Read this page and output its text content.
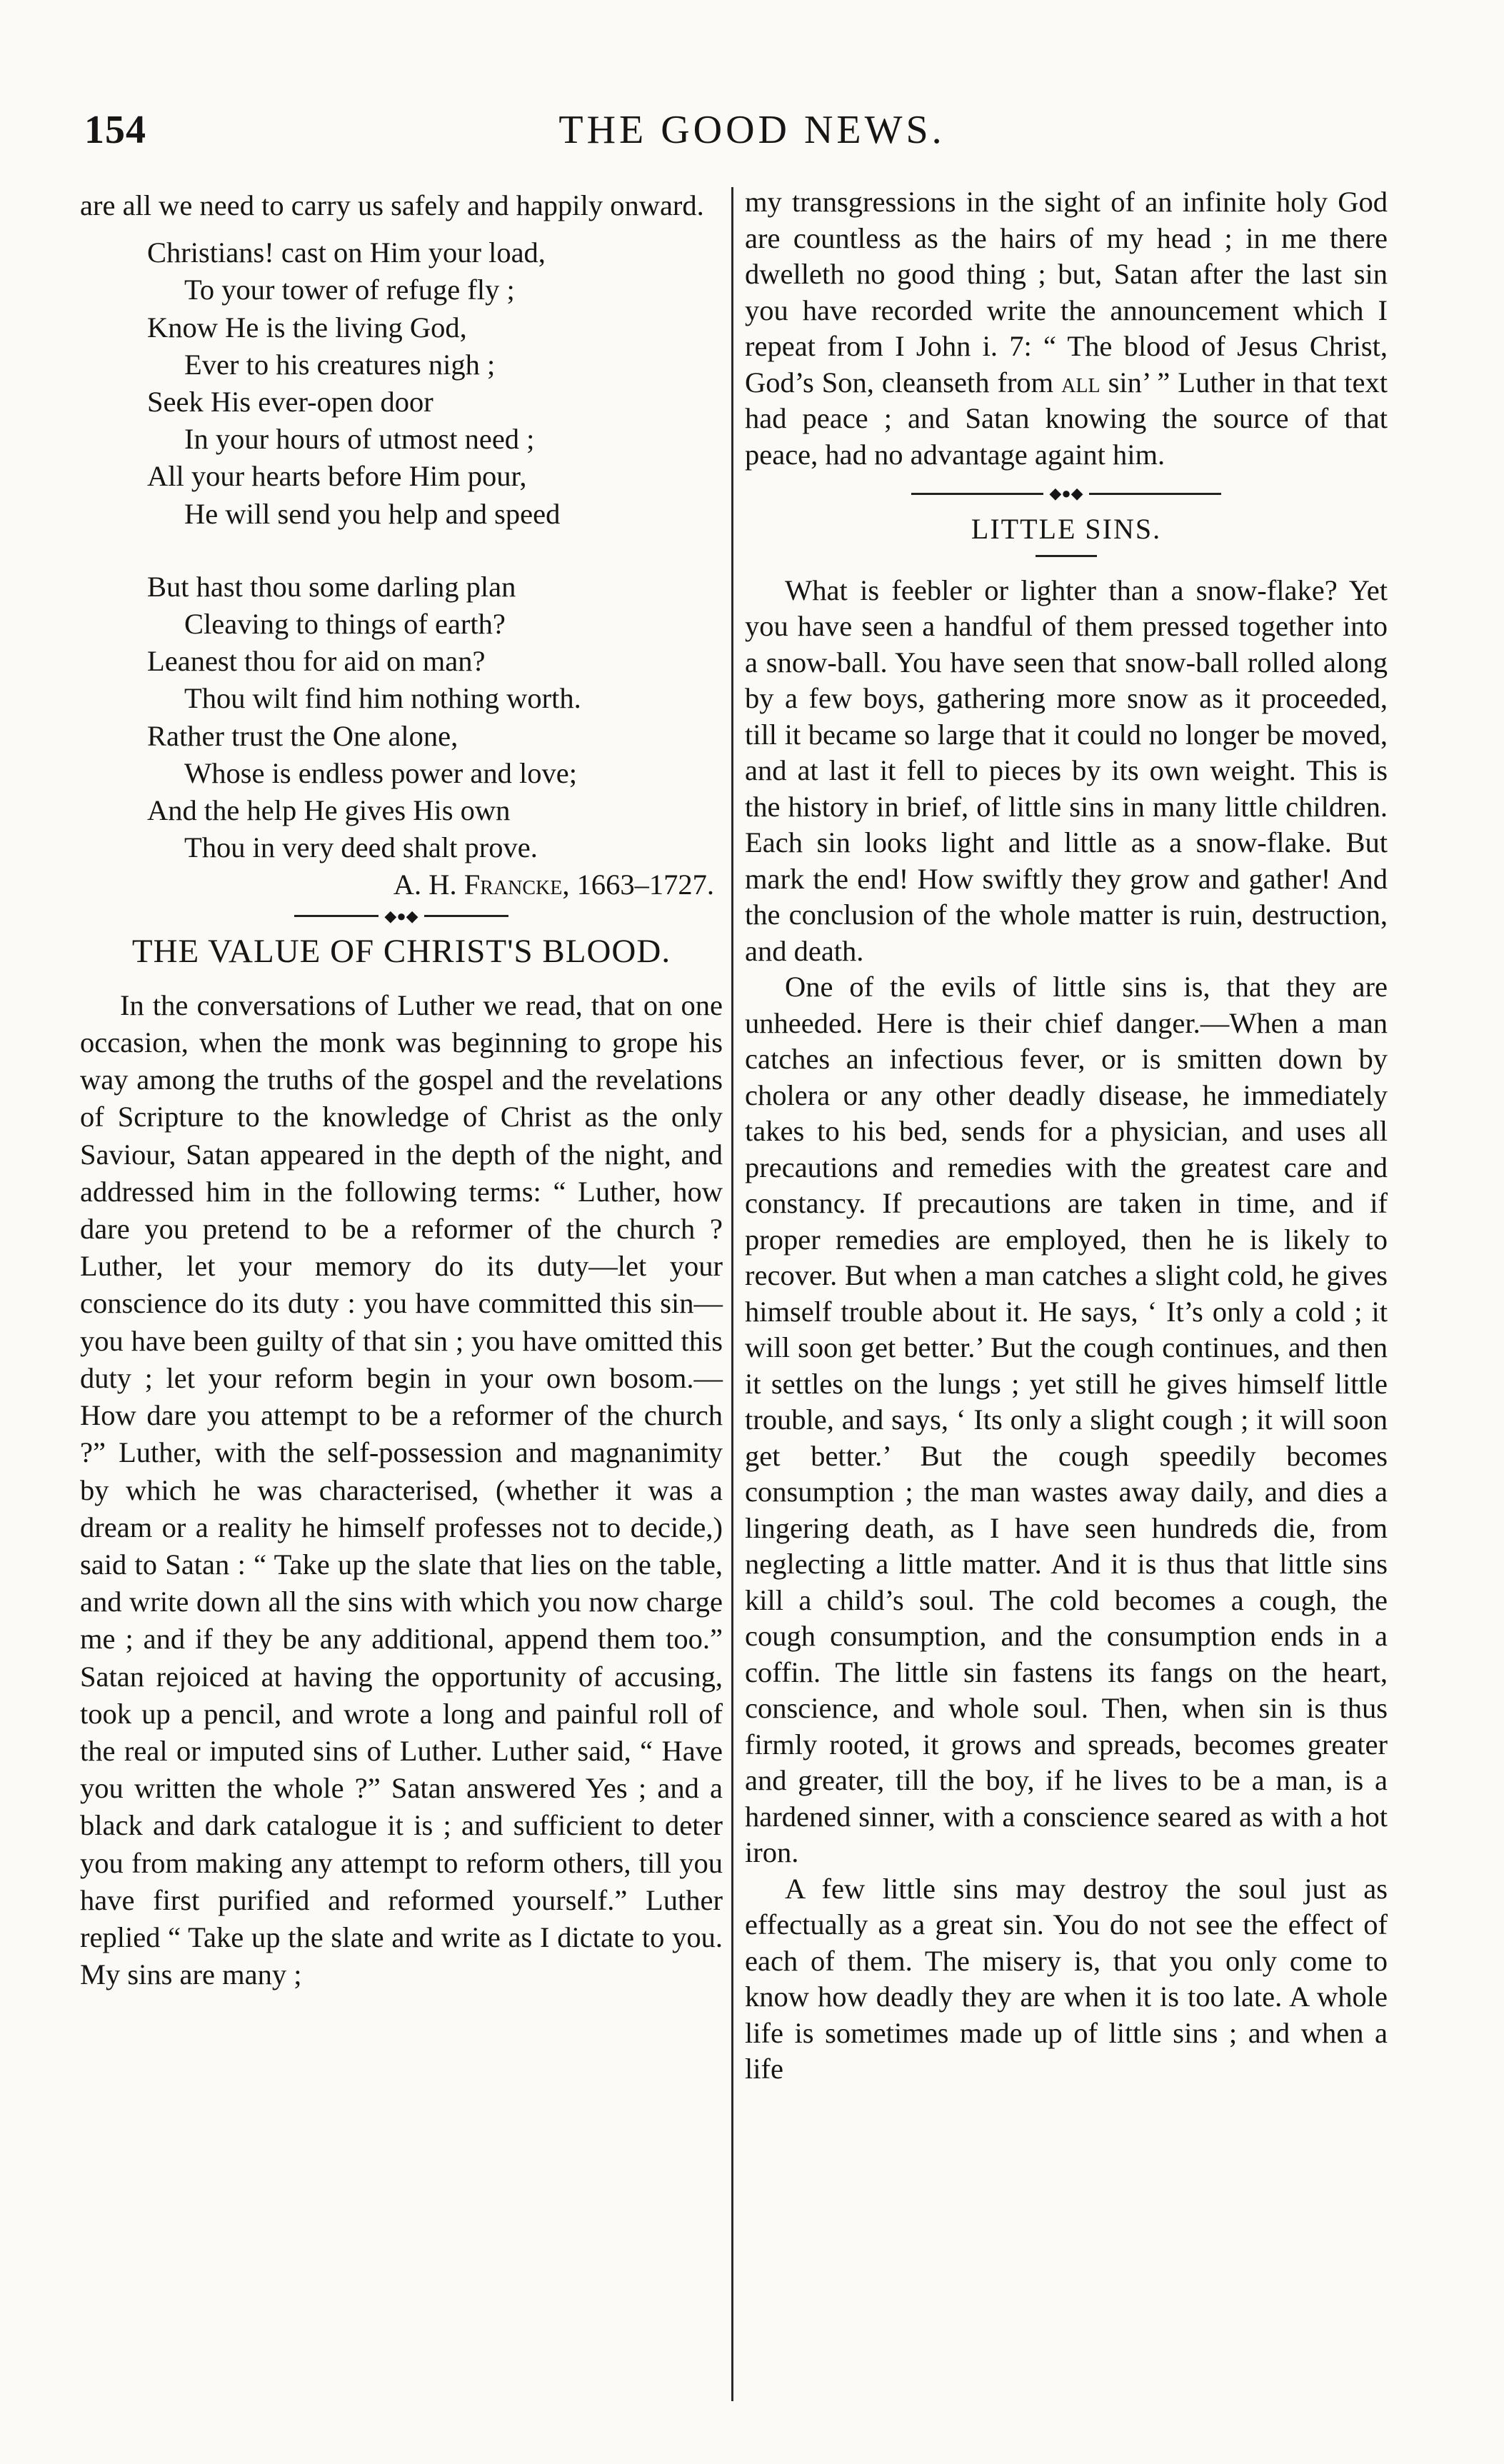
154	THE GOOD NEWS.

are all we need to carry us safely and happily onward.

Christians! cast on Him your load,
To your tower of refuge fly ;
Know He is the living God,
Ever to his creatures nigh ;
Seek His ever-open door
In your hours of utmost need ;
All your hearts before Him pour,
He will send you help and speed
But hast thou some darling plan
Cleaving to things of earth?
Leanest thou for aid on man?
Thou wilt find him nothing worth.
Rather trust the One alone,
Whose is endless power and love;
And the help He gives His own
Thou in very deed shalt prove.
A. H. Francke, 1663–1727.
◆●◆
THE VALUE OF CHRIST'S BLOOD.

In the conversations of Luther we read, that on one occasion, when the monk was beginning to grope his way among the truths of the gospel and the revelations of Scripture to the knowledge of Christ as the only Saviour, Satan appeared in the depth of the night, and addressed him in the following terms: “ Luther, how dare you pretend to be a reformer of the church ? Luther, let your memory do its duty—let your conscience do its duty : you have committed this sin—you have been guilty of that sin ; you have omitted this duty ; let your reform begin in your own bosom.—How dare you attempt to be a reformer of the church ?” Luther, with the self-possession and magnanimity by which he was characterised, (whether it was a dream or a reality he himself professes not to decide,) said to Satan : “ Take up the slate that lies on the table, and write down all the sins with which you now charge me ; and if they be any additional, append them too.” Satan rejoiced at having the opportunity of accusing, took up a pencil, and wrote a long and painful roll of the real or imputed sins of Luther. Luther said, “ Have you written the whole ?” Satan answered Yes ; and a black and dark catalogue it is ; and sufficient to deter you from making any attempt to reform others, till you have first purified and reformed yourself.” Luther replied “ Take up the slate and write as I dictate to you. My sins are many ;

my transgressions in the sight of an infinite holy God are countless as the hairs of my head ; in me there dwelleth no good thing ; but, Satan after the last sin you have recorded write the announcement which I repeat from I John i. 7: “ The blood of Jesus Christ, God’s Son, cleanseth from all sin’ ” Luther in that text had peace ; and Satan knowing the source of that peace, had no advantage againt him.

◆●◆
LITTLE SINS.

What is feebler or lighter than a snow-flake? Yet you have seen a handful of them pressed together into a snow-ball. You have seen that snow-ball rolled along by a few boys, gathering more snow as it proceeded, till it became so large that it could no longer be moved, and at last it fell to pieces by its own weight. This is the history in brief, of little sins in many little children. Each sin looks light and little as a snow-flake. But mark the end! How swiftly they grow and gather! And the conclusion of the whole matter is ruin, destruction, and death.

One of the evils of little sins is, that they are unheeded. Here is their chief danger.—When a man catches an infectious fever, or is smitten down by cholera or any other deadly disease, he immediately takes to his bed, sends for a physician, and uses all precautions and remedies with the greatest care and constancy. If precautions are taken in time, and if proper remedies are employed, then he is likely to recover. But when a man catches a slight cold, he gives himself trouble about it. He says, ‘ It’s only a cold ; it will soon get better.’ But the cough continues, and then it settles on the lungs ; yet still he gives himself little trouble, and says, ‘ Its only a slight cough ; it will soon get better.’ But the cough speedily becomes consumption ; the man wastes away daily, and dies a lingering death, as I have seen hundreds die, from neglecting a little matter. And it is thus that little sins kill a child’s soul. The cold becomes a cough, the cough consumption, and the consumption ends in a coffin. The little sin fastens its fangs on the heart, conscience, and whole soul. Then, when sin is thus firmly rooted, it grows and spreads, becomes greater and greater, till the boy, if he lives to be a man, is a hardened sinner, with a conscience seared as with a hot iron.

A few little sins may destroy the soul just as effectually as a great sin. You do not see the effect of each of them. The misery is, that you only come to know how deadly they are when it is too late. A whole life is sometimes made up of little sins ; and when a life
